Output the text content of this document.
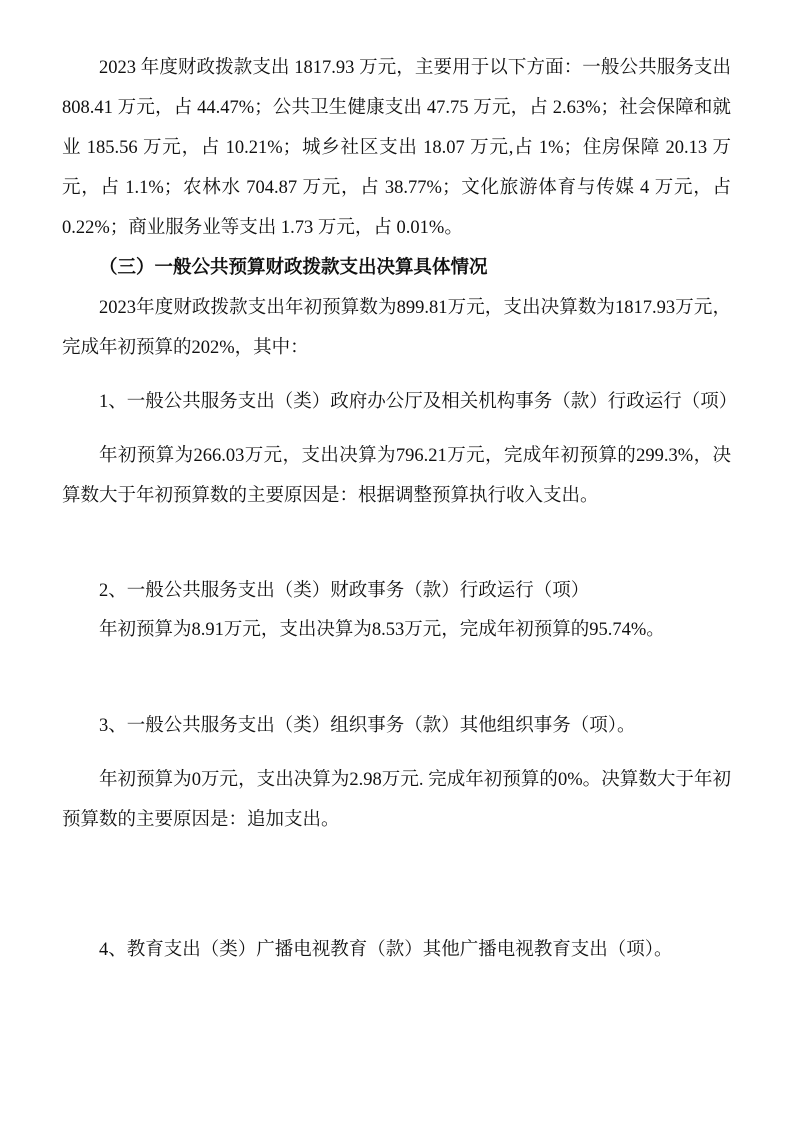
2023 年度财政拨款支出 1817.93 万元，主要用于以下方面：一般公共服务支出 808.41 万元，占 44.47%；公共卫生健康支出 47.75 万元，占 2.63%；社会保障和就业 185.56 万元，占 10.21%；城乡社区支出 18.07 万元,占 1%；住房保障 20.13 万元，占 1.1%；农林水 704.87 万元，占 38.77%；文化旅游体育与传媒 4 万元，占 0.22%；商业服务业等支出 1.73 万元，占 0.01%。

（三）一般公共预算财政拨款支出决算具体情况

2023年度财政拨款支出年初预算数为899.81万元，支出决算数为1817.93万元，完成年初预算的202%，其中：

1、一般公共服务支出（类）政府办公厅及相关机构事务（款）行政运行（项）

年初预算为266.03万元，支出决算为796.21万元，完成年初预算的299.3%，决算数大于年初预算数的主要原因是：根据调整预算执行收入支出。

2、一般公共服务支出（类）财政事务（款）行政运行（项）

年初预算为8.91万元，支出决算为8.53万元，完成年初预算的95.74%。

3、一般公共服务支出（类）组织事务（款）其他组织事务（项）。

年初预算为0万元，支出决算为2.98万元. 完成年初预算的0%。决算数大于年初预算数的主要原因是：追加支出。

4、教育支出（类）广播电视教育（款）其他广播电视教育支出（项）。
